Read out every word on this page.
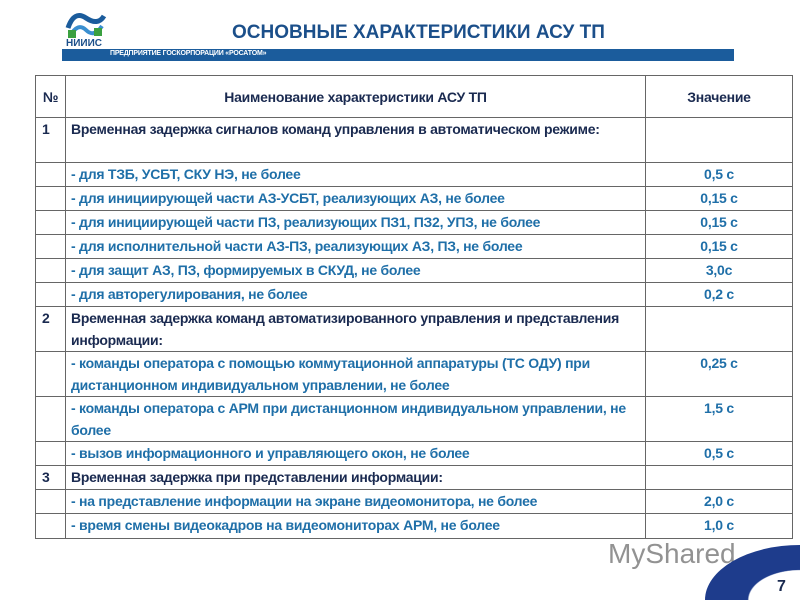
НИИИС
ОСНОВНЫЕ ХАРАКТЕРИСТИКИ АСУ ТП
ПРЕДПРИЯТИЕ ГОСКОРПОРАЦИИ «РОСАТОМ»
№	Наименование характеристики АСУ ТП	Значение
1	Временная задержка сигналов команд управления в автоматическом режиме:	
	- для ТЗБ, УСБТ, СКУ НЭ, не более	0,5 с
	- для инициирующей части АЗ-УСБТ, реализующих АЗ, не более	0,15 с
	- для инициирующей части ПЗ, реализующих ПЗ1, ПЗ2, УПЗ, не более	0,15 с
	- для исполнительной части АЗ-ПЗ, реализующих АЗ, ПЗ, не более	0,15 с
	- для защит АЗ, ПЗ, формируемых в СКУД, не более	3,0с
	- для авторегулирования, не более	0,2 с
2	Временная задержка команд автоматизированного управления и представления информации:	
	- команды оператора с помощью коммутационной аппаратуры (ТС ОДУ) при дистанционном индивидуальном управлении, не более	0,25 с
	- команды оператора с АРМ при дистанционном индивидуальном управлении, не более	1,5 с
	- вызов информационного и управляющего окон, не более	0,5 с
3	Временная задержка при представлении информации:	
	- на представление информации на экране видеомонитора, не более	2,0 с
	- время смены видеокадров на видеомониторах АРМ, не более	1,0 с
MyShared
7
